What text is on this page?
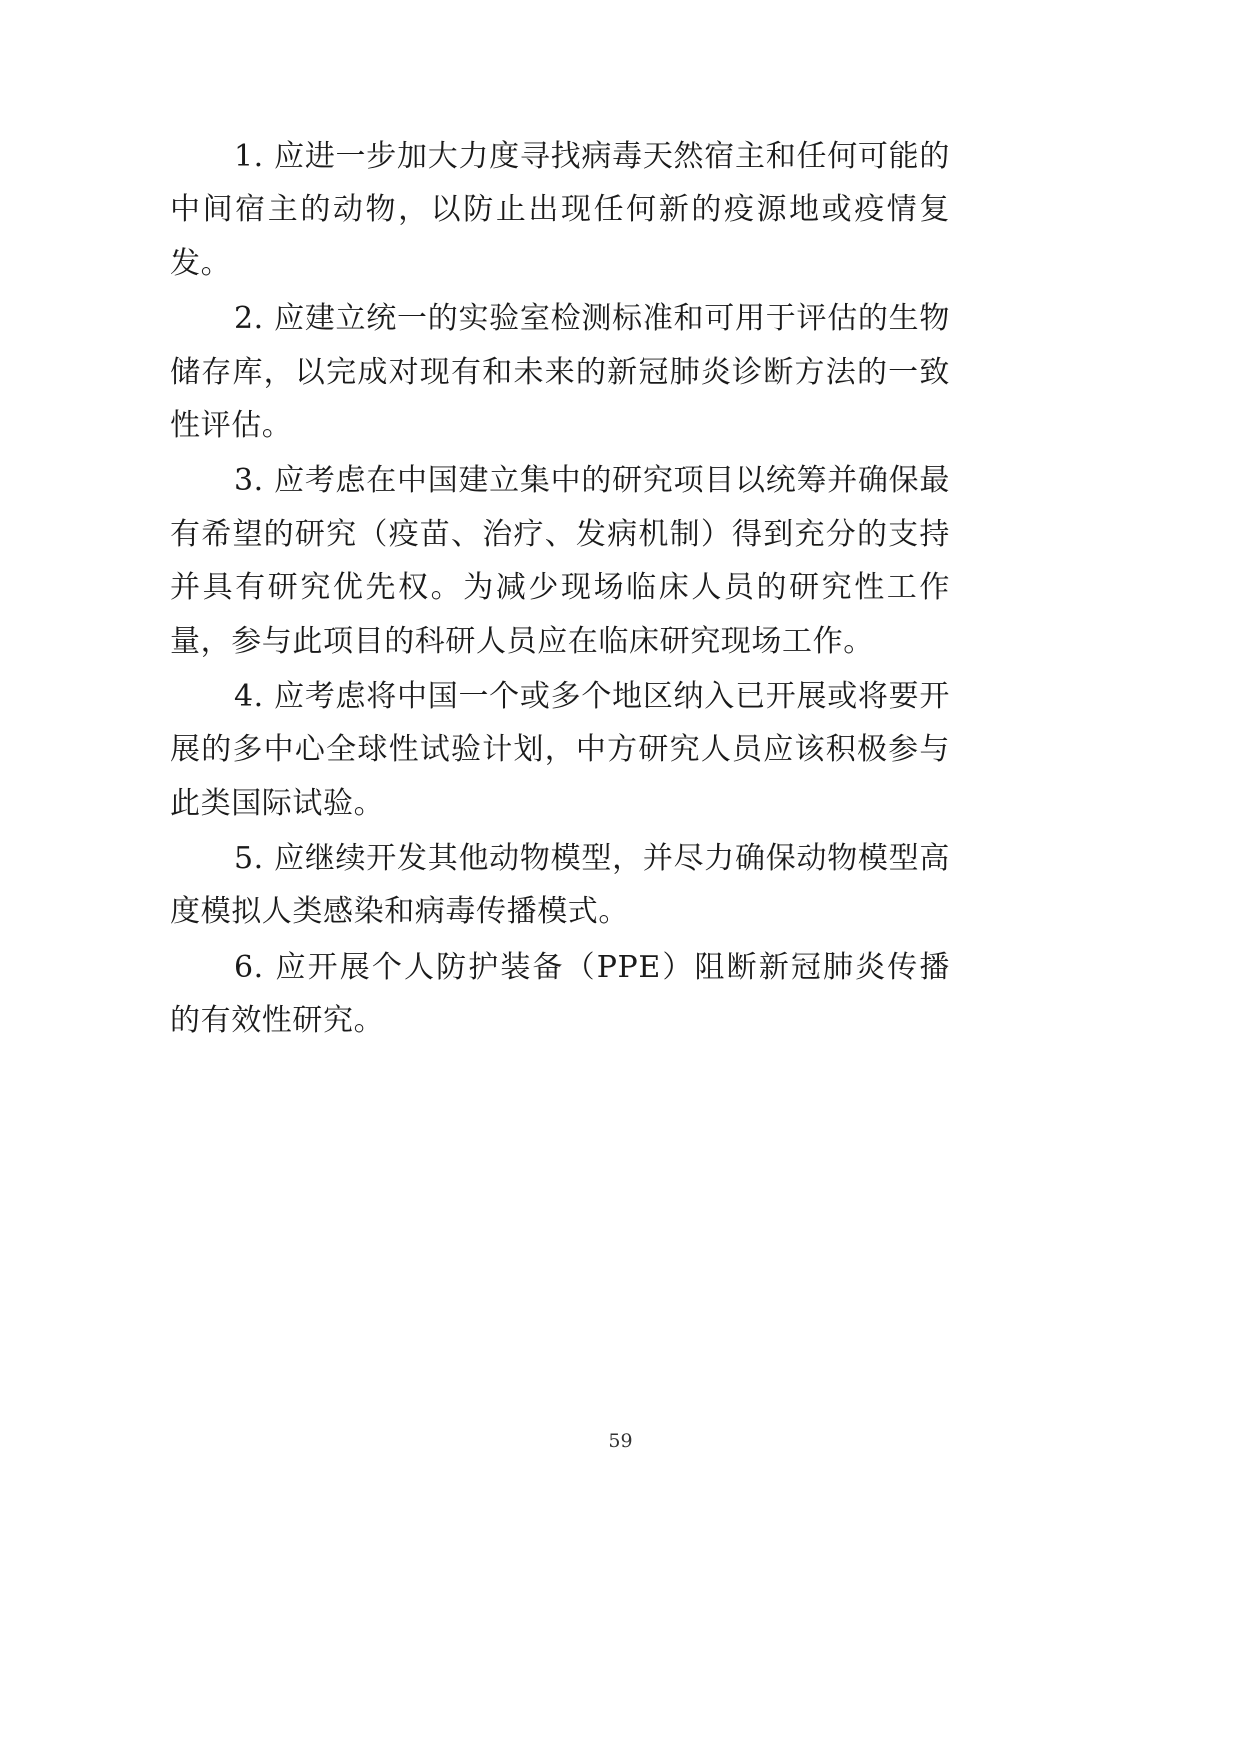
1. 应进一步加大力度寻找病毒天然宿主和任何可能的中间宿主的动物，以防止出现任何新的疫源地或疫情复发。

2. 应建立统一的实验室检测标准和可用于评估的生物储存库，以完成对现有和未来的新冠肺炎诊断方法的一致性评估。

3. 应考虑在中国建立集中的研究项目以统筹并确保最有希望的研究（疫苗、治疗、发病机制）得到充分的支持并具有研究优先权。为减少现场临床人员的研究性工作量，参与此项目的科研人员应在临床研究现场工作。

4. 应考虑将中国一个或多个地区纳入已开展或将要开展的多中心全球性试验计划，中方研究人员应该积极参与此类国际试验。

5. 应继续开发其他动物模型，并尽力确保动物模型高度模拟人类感染和病毒传播模式。

6. 应开展个人防护装备（PPE）阻断新冠肺炎传播的有效性研究。

59
